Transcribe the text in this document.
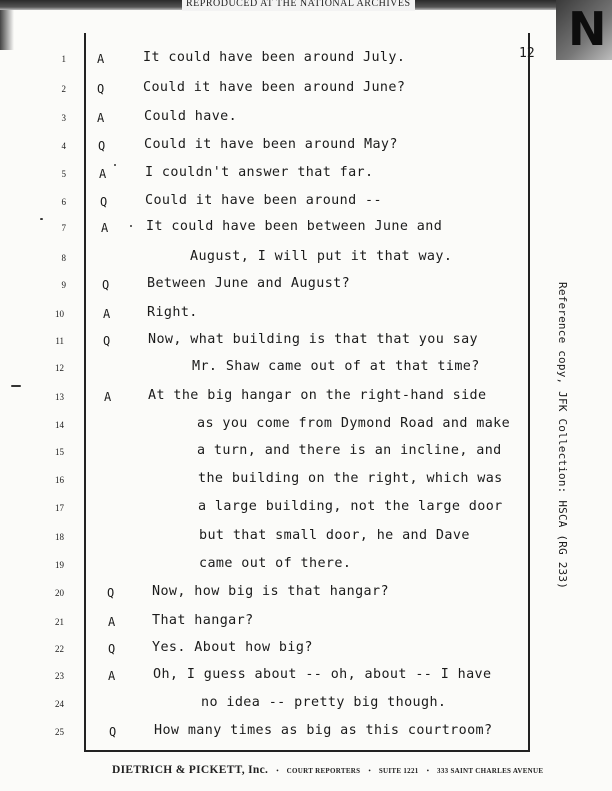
REPRODUCED AT THE NATIONAL ARCHIVES	N
12
1	A	It could have been around July.
2	Q	Could it have been around June?
3	A	Could have.
4	Q	Could it have been around May?
5	A	I couldn't answer that far.
6	Q	Could it have been around --
7	A	It could have been between June and
8	August, I will put it that way.
9	Q	Between June and August?
10	A	Right.
11	Q	Now, what building is that that you say
12	Mr. Shaw came out of at that time?
13	A	At the big hangar on the right-hand side
14	as you come from Dymond Road and make
15	a turn, and there is an incline, and
16	the building on the right, which was
17	a large building, not the large door
18	but that small door, he and Dave
19	came out of there.
20	Q	Now, how big is that hangar?
21	A	That hangar?
22	Q	Yes. About how big?
23	A	Oh, I guess about -- oh, about -- I have
24	no idea -- pretty big though.
25	Q	How many times as big as this courtroom?
Reference copy, JFK Collection: HSCA (RG 233)
DIETRICH & PICKETT, Inc. • COURT REPORTERS • SUITE 1221 • 333 SAINT CHARLES AVENUE
